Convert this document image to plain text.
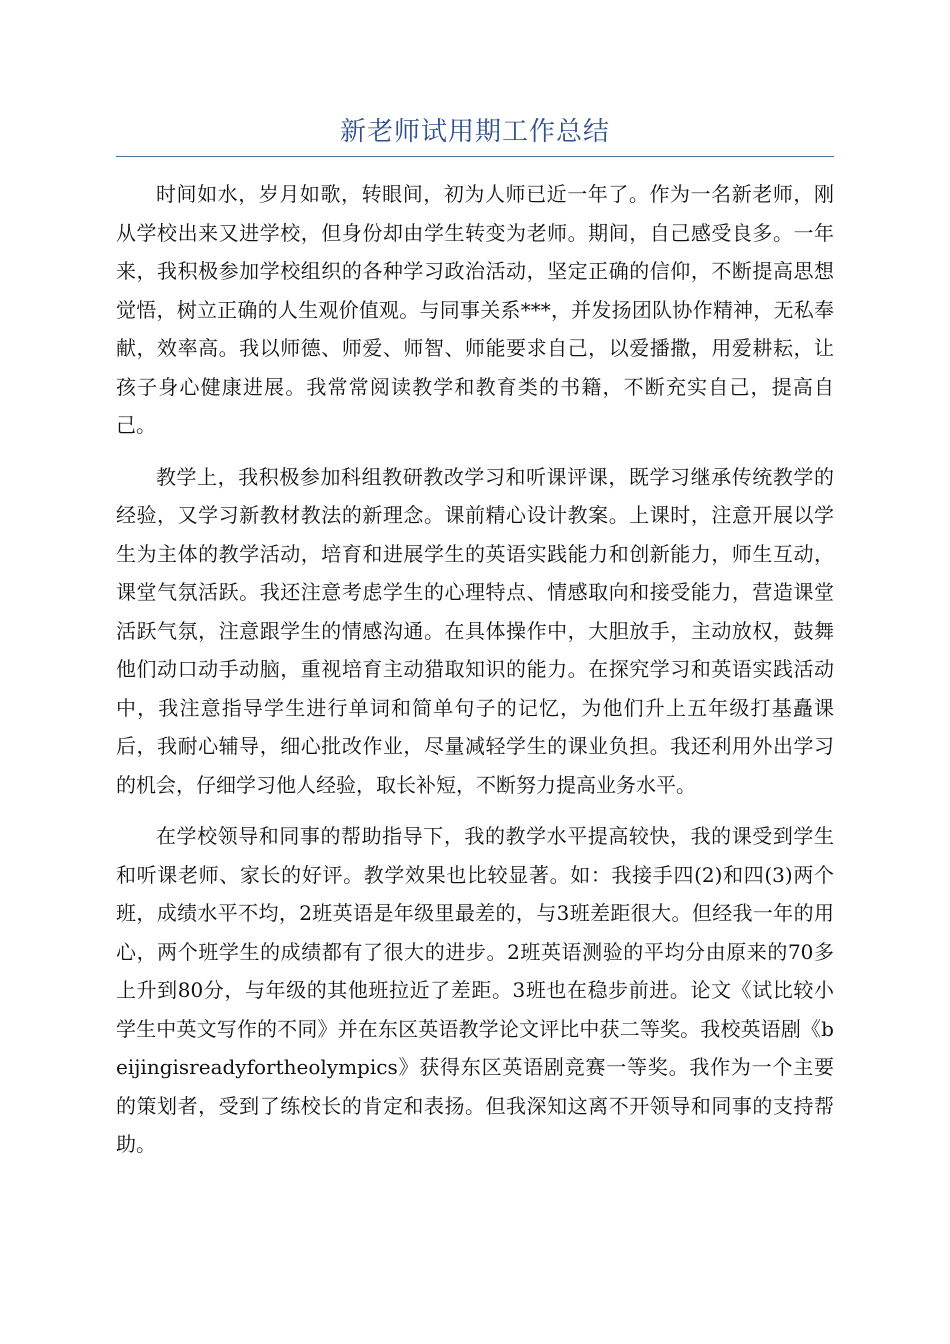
新老师试用期工作总结

时间如水，岁月如歌，转眼间，初为人师已近一年了。作为一名新老师，刚从学校出来又进学校，但身份却由学生转变为老师。期间，自己感受良多。一年来，我积极参加学校组织的各种学习政治活动，坚定正确的信仰，不断提高思想觉悟，树立正确的人生观价值观。与同事关系***，并发扬团队协作精神，无私奉献，效率高。我以师德、师爱、师智、师能要求自己，以爱播撒，用爱耕耘，让孩子身心健康进展。我常常阅读教学和教育类的书籍，不断充实自己，提高自己。

教学上，我积极参加科组教研教改学习和听课评课，既学习继承传统教学的经验，又学习新教材教法的新理念。课前精心设计教案。上课时，注意开展以学生为主体的教学活动，培育和进展学生的英语实践能力和创新能力，师生互动，课堂气氛活跃。我还注意考虑学生的心理特点、情感取向和接受能力，营造课堂活跃气氛，注意跟学生的情感沟通。在具体操作中，大胆放手，主动放权，鼓舞他们动口动手动脑，重视培育主动猎取知识的能力。在探究学习和英语实践活动中，我注意指导学生进行单词和简单句子的记忆，为他们升上五年级打基矗课后，我耐心辅导，细心批改作业，尽量减轻学生的课业负担。我还利用外出学习的机会，仔细学习他人经验，取长补短，不断努力提高业务水平。

在学校领导和同事的帮助指导下，我的教学水平提高较快，我的课受到学生和听课老师、家长的好评。教学效果也比较显著。如：我接手四(2)和四(3)两个班，成绩水平不均，2班英语是年级里最差的，与3班差距很大。但经我一年的用心，两个班学生的成绩都有了很大的进步。2班英语测验的平均分由原来的70多上升到80分，与年级的其他班拉近了差距。3班也在稳步前进。论文《试比较小学生中英文写作的不同》并在东区英语教学论文评比中获二等奖。我校英语剧《beijingisreadyfortheolympics》获得东区英语剧竞赛一等奖。我作为一个主要的策划者，受到了练校长的肯定和表扬。但我深知这离不开领导和同事的支持帮助。
